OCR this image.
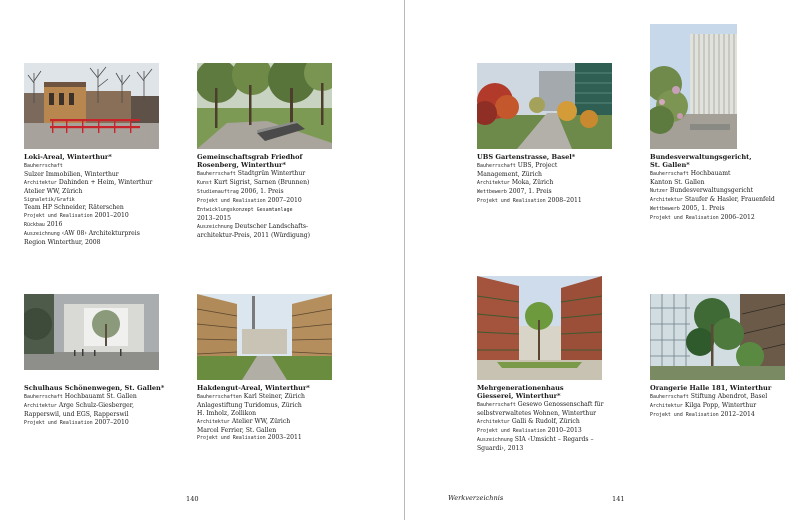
Loki-Areal, Winterthur*
Bauherrschaft
Sulzer Immobilien, Winterthur
Architektur Dahinden + Heim, Winterthur
Atelier WW, Zürich
Signaletik/Grafik
Team HP Schneider, Räterschen
Projekt und Realisation 2001–2010
Rückbau 2016
Auszeichnung ‹AW 08› Architekturpreis
Region Winterthur, 2008
Gemeinschaftsgrab Friedhof Rosenberg, Winterthur*
Bauherrschaft Stadtgrün Winterthur
Kunst Kurt Sigrist, Sarnen (Brunnen)
Studienauftrag 2006, 1. Preis
Projekt und Realisation 2007–2010
Entwicklungskonzept Gesamtanlage
2013–2015
Auszeichnung Deutscher Landschafts-
architektur-Preis, 2011 (Würdigung)
UBS Gartenstrasse, Basel*
Bauherrschaft UBS, Project
Management, Zürich
Architektur Moka, Zürich
Wettbewerb 2007, 1. Preis
Projekt und Realisation 2008–2011
Bundesverwaltungsgericht, St. Gallen*
Bauherrschaft Hochbauamt
Kanton St. Gallen
Nutzer Bundesverwaltungsgericht
Architektur Staufer & Hasler, Frauenfeld
Wettbewerb 2005, 1. Preis
Projekt und Realisation 2006–2012
Schulhaus Schönenwegen, St. Gallen*
Bauherrschaft Hochbauamt St. Gallen
Architektur Arge Schulz-Giesberger,
Rapperswil, und EGS, Rapperswil
Projekt und Realisation 2007–2010
Hakdengut-Areal, Winterthur*
Bauherrschaften Karl Steiner, Zürich
Anlagestiftung Turidomus, Zürich
H. Imholz, Zollikon
Architektur Atelier WW, Zürich
Marcel Ferrier, St. Gallen
Projekt und Realisation 2003–2011
Mehrgenerationenhaus Giesserei, Winterthur*
Bauherrschaft Gesewo Genossenschaft für
selbstverwaltetes Wohnen, Winterthur
Architektur Galli & Rudolf, Zürich
Projekt und Realisation 2010–2013
Auszeichnung SIA ‹Umsicht – Regards –
Sguardi›, 2013
Orangerie Halle 181, Winterthur
Bauherrschaft Stiftung Abendrot, Basel
Architektur Kilga Popp, Winterthur
Projekt und Realisation 2012–2014
140	Werkverzeichnis	141
